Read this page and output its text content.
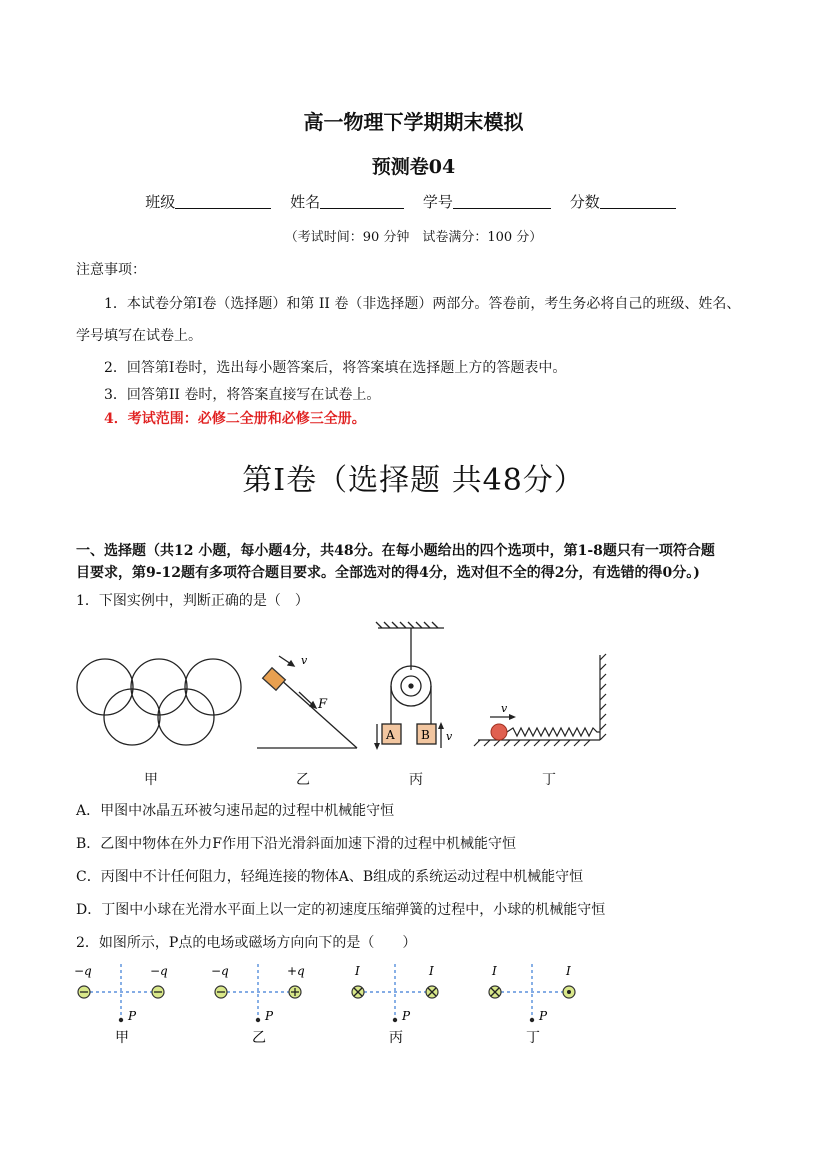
高一物理下学期期末模拟
预测卷04
班级	姓名	学号	分数
（考试时间：90 分钟　试卷满分：100 分）
注意事项：
1．本试卷分第Ⅰ卷（选择题）和第 II 卷（非选择题）两部分。答卷前，考生务必将自己的班级、姓名、
学号填写在试卷上。
2．回答第Ⅰ卷时，选出每小题答案后，将答案填在选择题上方的答题表中。
3．回答第II 卷时，将答案直接写在试卷上。
4．考试范围：必修二全册和必修三全册。
第Ⅰ卷（选择题 共48分）
一、选择题（共12 小题，每小题4分，共48分。在每小题给出的四个选项中，第1-8题只有一项符合题
目要求，第9-12题有多项符合题目要求。全部选对的得4分，选对但不全的得2分，有选错的得0分。)
1．下图实例中，判断正确的是（　）
v
F
A B v
v
甲	乙	丙	丁
A．甲图中冰晶五环被匀速吊起的过程中机械能守恒
B．乙图中物体在外力F作用下沿光滑斜面加速下滑的过程中机械能守恒
C．丙图中不计任何阻力，轻绳连接的物体A、B组成的系统运动过程中机械能守恒
D．丁图中小球在光滑水平面上以一定的初速度压缩弹簧的过程中，小球的机械能守恒
2．如图所示，P点的电场或磁场方向向下的是（　　）
−q	−q	−q	+q	I	I	I	I
P	P	P	P
甲	乙	丙	丁
